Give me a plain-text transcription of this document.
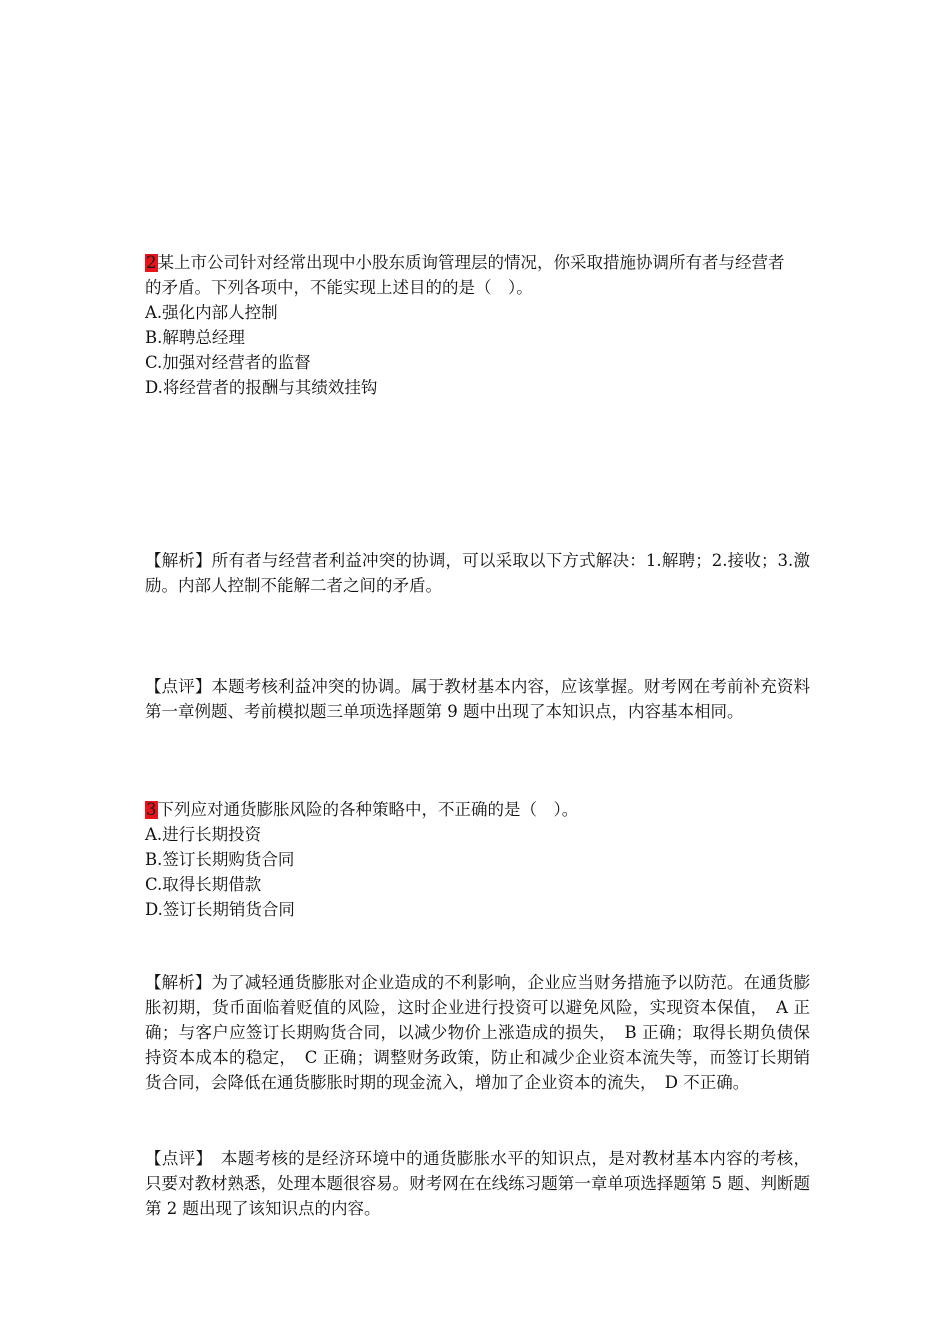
2某上市公司针对经常出现中小股东质询管理层的情况，你采取措施协调所有者与经营者
的矛盾。下列各项中，不能实现上述目的的是（　）。
A.强化内部人控制
B.解聘总经理
C.加强对经营者的监督
D.将经营者的报酬与其绩效挂钩
【解析】所有者与经营者利益冲突的协调，可以采取以下方式解决：1.解聘；2.接收；3.激励。内部人控制不能解二者之间的矛盾。
【点评】本题考核利益冲突的协调。属于教材基本内容，应该掌握。财考网在考前补充资料第一章例题、考前模拟题三单项选择题第 9 题中出现了本知识点，内容基本相同。
3下列应对通货膨胀风险的各种策略中，不正确的是（　）。
A.进行长期投资
B.签订长期购货合同
C.取得长期借款
D.签订长期销货合同
【解析】为了减轻通货膨胀对企业造成的不利影响，企业应当财务措施予以防范。在通货膨胀初期，货币面临着贬值的风险，这时企业进行投资可以避免风险，实现资本保值，　A 正确；与客户应签订长期购货合同，以减少物价上涨造成的损失，　B 正确；取得长期负债保持资本成本的稳定，　C 正确；调整财务政策，防止和减少企业资本流失等，而签订长期销货合同，会降低在通货膨胀时期的现金流入，增加了企业资本的流失，　D 不正确。
【点评】　本题考核的是经济环境中的通货膨胀水平的知识点，是对教材基本内容的考核，只要对教材熟悉，处理本题很容易。财考网在在线练习题第一章单项选择题第 5 题、判断题第 2 题出现了该知识点的内容。
